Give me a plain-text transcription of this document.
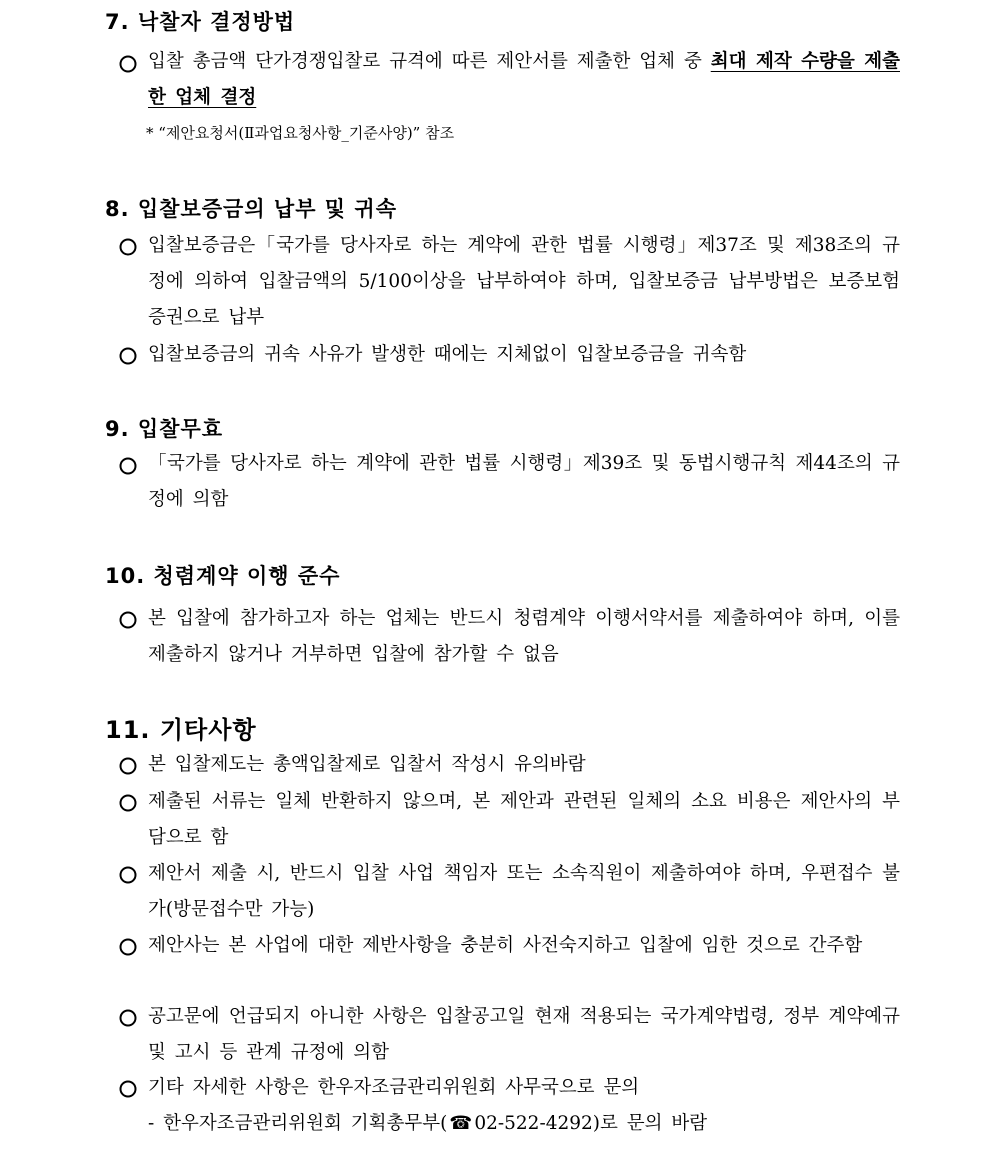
7. 낙찰자 결정방법
입찰 총금액 단가경쟁입찰로 규격에 따른 제안서를 제출한 업체 중 최대 제작 수량을 제출한 업체 결정
* “제안요청서(Ⅱ과업요청사항_기준사양)” 참조
8. 입찰보증금의 납부 및 귀속
입찰보증금은「국가를 당사자로 하는 계약에 관한 법률 시행령」제37조 및 제38조의 규정에 의하여 입찰금액의 5/100이상을 납부하여야 하며, 입찰보증금 납부방법은 보증보험증권으로 납부
입찰보증금의 귀속 사유가 발생한 때에는 지체없이 입찰보증금을 귀속함
9. 입찰무효
「국가를 당사자로 하는 계약에 관한 법률 시행령」제39조 및 동법시행규칙 제44조의 규정에 의함
10. 청렴계약 이행 준수
본 입찰에 참가하고자 하는 업체는 반드시 청렴계약 이행서약서를 제출하여야 하며, 이를 제출하지 않거나 거부하면 입찰에 참가할 수 없음
11. 기타사항
본 입찰제도는 총액입찰제로 입찰서 작성시 유의바람
제출된 서류는 일체 반환하지 않으며, 본 제안과 관련된 일체의 소요 비용은 제안사의 부담으로 함
제안서 제출 시, 반드시 입찰 사업 책임자 또는 소속직원이 제출하여야 하며, 우편접수 불가(방문접수만 가능)
제안사는 본 사업에 대한 제반사항을 충분히 사전숙지하고 입찰에 임한 것으로 간주함
공고문에 언급되지 아니한 사항은 입찰공고일 현재 적용되는 국가계약법령, 정부 계약예규 및 고시 등 관계 규정에 의함
기타 자세한 사항은 한우자조금관리위원회 사무국으로 문의
- 한우자조금관리위원회 기획총무부( ☎ 02-522-4292)로 문의 바람
